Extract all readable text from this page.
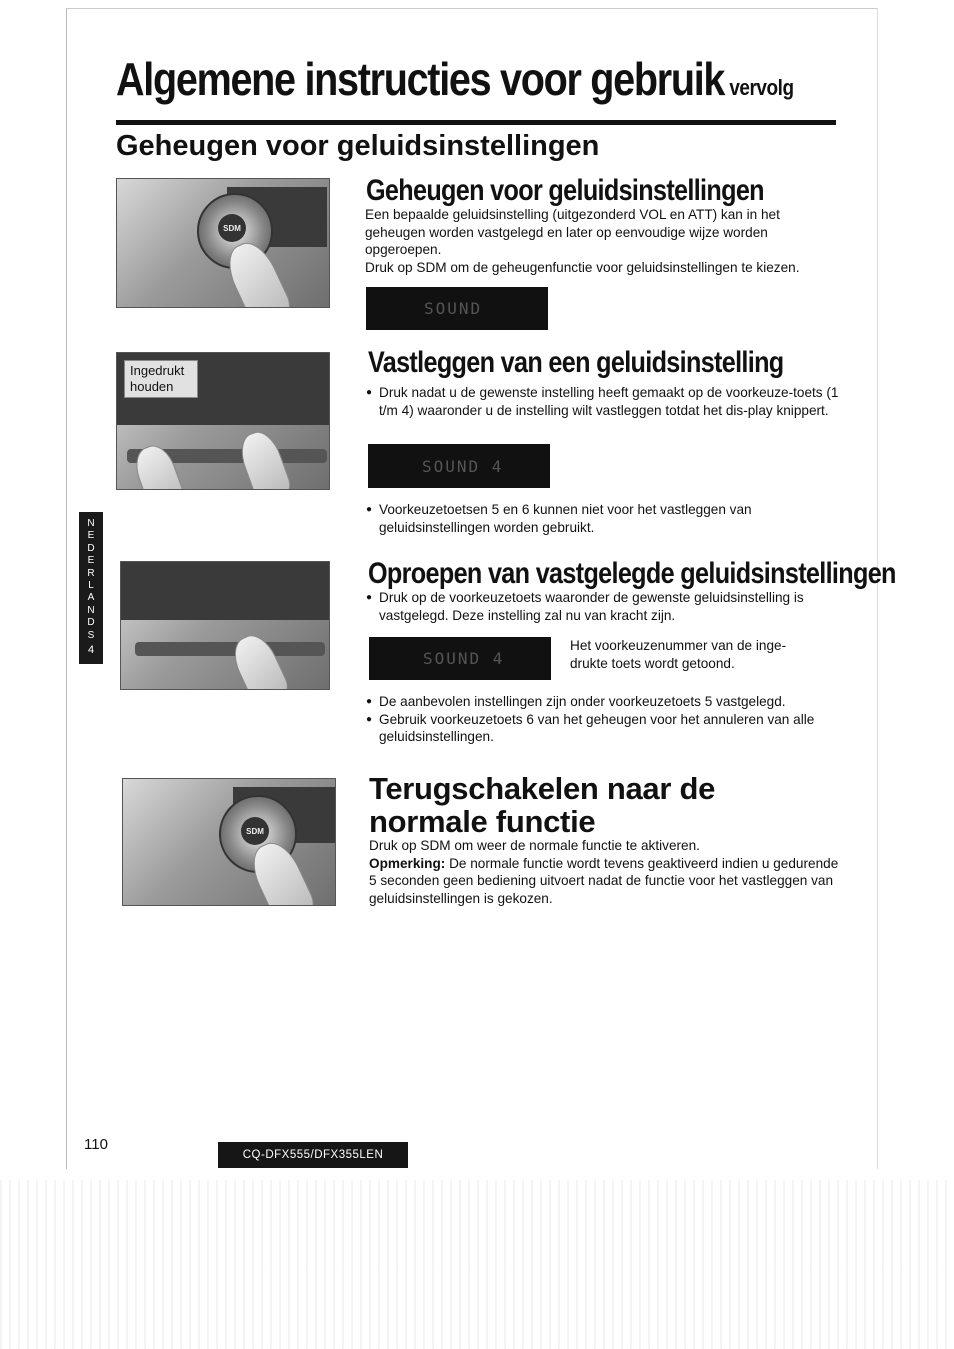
Algemene instructies voor gebruik vervolg
Geheugen voor geluidsinstellingen
SDM
Geheugen voor geluidsinstellingen
Een bepaalde geluidsinstelling (uitgezonderd VOL en ATT) kan in het geheugen worden vastgelegd en later op eenvoudige wijze worden opgeroepen.
Druk op SDM om de geheugenfunctie voor geluidsinstellingen te kiezen.
SOUND
Ingedrukt houden
Vastleggen van een geluidsinstelling
● Druk nadat u de gewenste instelling heeft gemaakt op de voorkeuze-toets (1 t/m 4) waaronder u de instelling wilt vastleggen totdat het dis-play knippert.
SOUND 4
● Voorkeuzetoetsen 5 en 6 kunnen niet voor het vastleggen van geluidsinstellingen worden gebruikt.
Oproepen van vastgelegde geluidsinstellingen
● Druk op de voorkeuzetoets waaronder de gewenste geluidsinstelling is vastgelegd. Deze instelling zal nu van kracht zijn.
SOUND 4
Het voorkeuzenummer van de inge-drukte toets wordt getoond.
● De aanbevolen instellingen zijn onder voorkeuzetoets 5 vastgelegd.
● Gebruik voorkeuzetoets 6 van het geheugen voor het annuleren van alle geluidsinstellingen.
SDM
Terugschakelen naar de
normale functie
Druk op SDM om weer de normale functie te aktiveren.
Opmerking: De normale functie wordt tevens geaktiveerd indien u gedurende 5 seconden geen bediening uitvoert nadat de functie voor het vastleggen van geluidsinstellingen is gekozen.
N
E
D
E
R
L
A
N
D
S
4
110
CQ-DFX555/DFX355LEN
